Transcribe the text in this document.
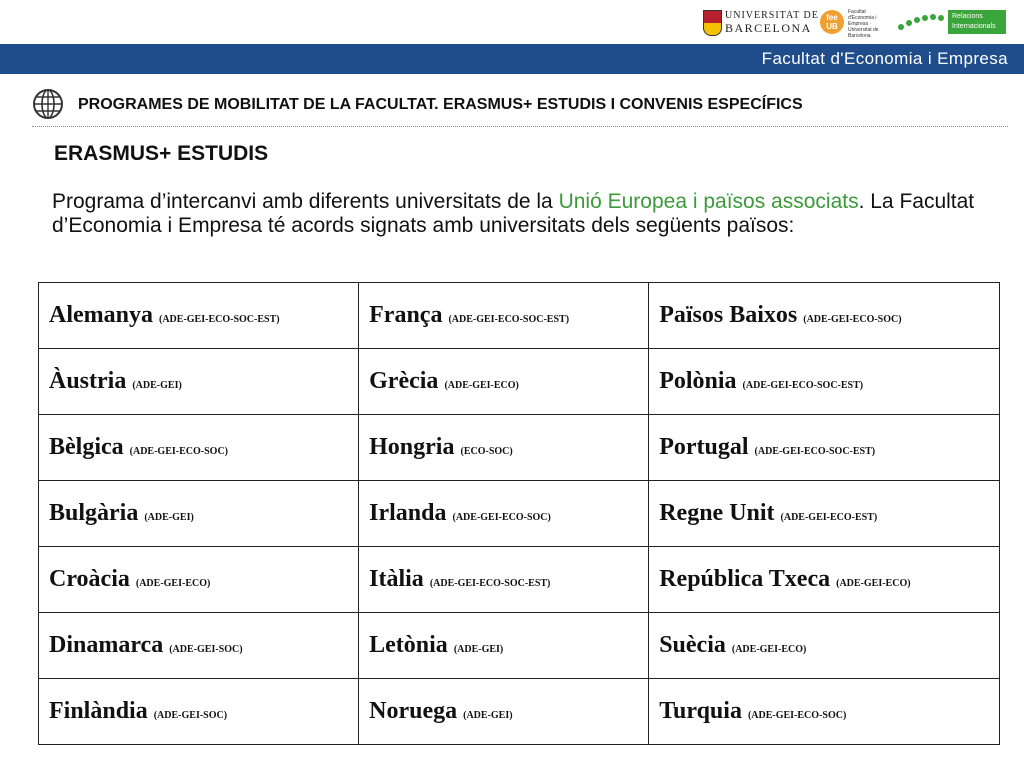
UNIVERSITAT DE
BARCELONA
fee UB
Facultat d'Economia i Empresa · Universitat de Barcelona
Relacions Internacionals
Facultat d'Economia i Empresa
PROGRAMES DE MOBILITAT DE LA FACULTAT. ERASMUS+ ESTUDIS I CONVENIS ESPECÍFICS
ERASMUS+ ESTUDIS
Programa d’intercanvi amb diferents universitats de la Unió Europea i països associats. La Facultat d’Economia i Empresa té acords signats amb universitats dels següents països:
Alemanya (ADE-GEI-ECO-SOC-EST)	França (ADE-GEI-ECO-SOC-EST)	Països Baixos (ADE-GEI-ECO-SOC)
Àustria (ADE-GEI)	Grècia (ADE-GEI-ECO)	Polònia (ADE-GEI-ECO-SOC-EST)
Bèlgica (ADE-GEI-ECO-SOC)	Hongria (ECO-SOC)	Portugal (ADE-GEI-ECO-SOC-EST)
Bulgària (ADE-GEI)	Irlanda (ADE-GEI-ECO-SOC)	Regne Unit (ADE-GEI-ECO-EST)
Croàcia (ADE-GEI-ECO)	Itàlia (ADE-GEI-ECO-SOC-EST)	República Txeca (ADE-GEI-ECO)
Dinamarca (ADE-GEI-SOC)	Letònia (ADE-GEI)	Suècia (ADE-GEI-ECO)
Finlàndia (ADE-GEI-SOC)	Noruega (ADE-GEI)	Turquia (ADE-GEI-ECO-SOC)
